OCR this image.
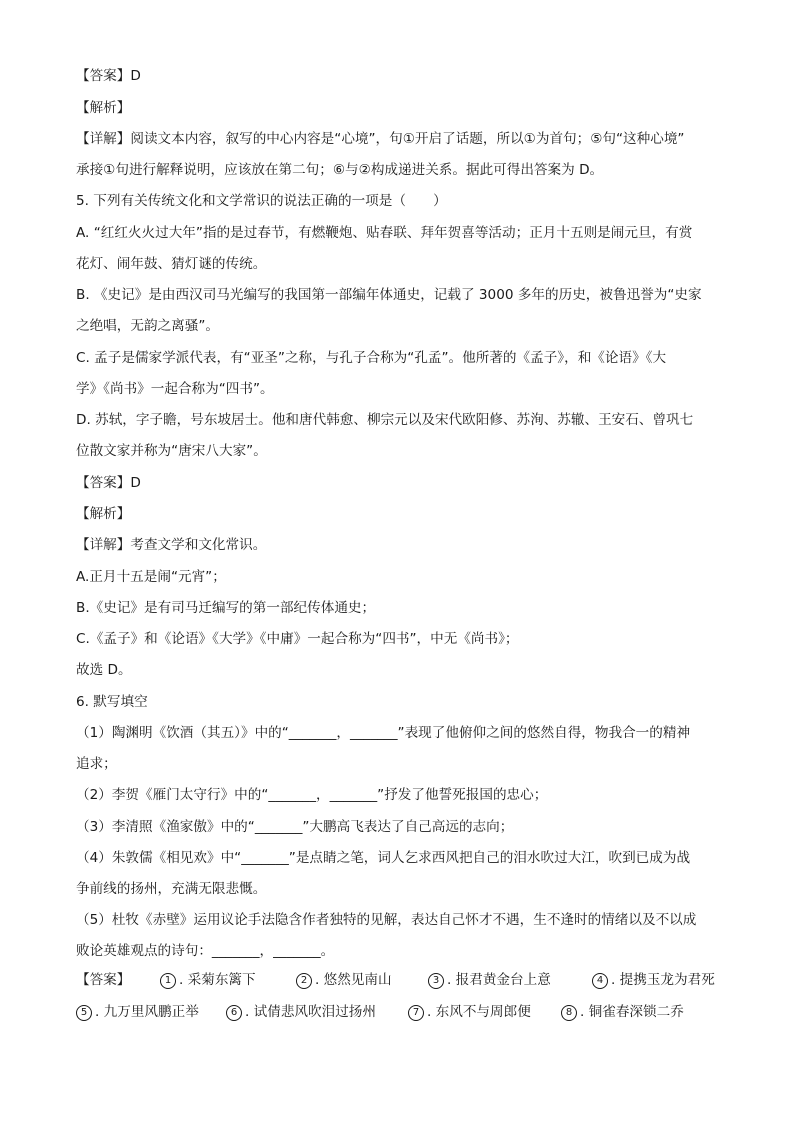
【答案】D
【解析】
【详解】阅读文本内容，叙写的中心内容是“心境”，句①开启了话题，所以①为首句；⑤句“这种心境”
承接①句进行解释说明，应该放在第二句；⑥与②构成递进关系。据此可得出答案为 D。
5. 下列有关传统文化和文学常识的说法正确的一项是（　　）
A. “红红火火过大年”指的是过春节，有燃鞭炮、贴春联、拜年贺喜等活动；正月十五则是闹元旦，有赏
花灯、闹年鼓、猜灯谜的传统。
B. 《史记》是由西汉司马光编写的我国第一部编年体通史，记载了 3000 多年的历史，被鲁迅誉为“史家
之绝唱，无韵之离骚”。
C. 孟子是儒家学派代表，有“亚圣”之称，与孔子合称为“孔孟”。他所著的《孟子》，和《论语》《大
学》《尚书》一起合称为“四书”。
D. 苏轼，字子瞻，号东坡居士。他和唐代韩愈、柳宗元以及宋代欧阳修、苏洵、苏辙、王安石、曾巩七
位散文家并称为“唐宋八大家”。
【答案】D
【解析】
【详解】考查文学和文化常识。
A.正月十五是闹“元宵”；
B.《史记》是有司马迁编写的第一部纪传体通史；
C.《孟子》和《论语》《大学》《中庸》一起合称为“四书”，中无《尚书》；
故选 D。
6. 默写填空
（1）陶渊明《饮酒（其五）》中的“_______，_______”表现了他俯仰之间的悠然自得，物我合一的精神
追求；
（2）李贺《雁门太守行》中的“_______，_______”抒发了他誓死报国的忠心；
（3）李清照《渔家傲》中的“_______”大鹏高飞表达了自己高远的志向；
（4）朱敦儒《相见欢》中“_______”是点睛之笔，词人乞求西风把自己的泪水吹过大江，吹到已成为战
争前线的扬州，充满无限悲慨。
（5）杜牧《赤壁》运用议论手法隐含作者独特的见解，表达自己怀才不遇，生不逢时的情绪以及不以成
败论英雄观点的诗句：_______，_______。
【答案】	1 . 采菊东篱下	2 . 悠然见南山	3 . 报君黄金台上意	4 . 提携玉龙为君死
5 . 九万里风鹏正举	6 . 试倩悲风吹泪过扬州	7 . 东风不与周郎便	8 . 铜雀春深锁二乔
